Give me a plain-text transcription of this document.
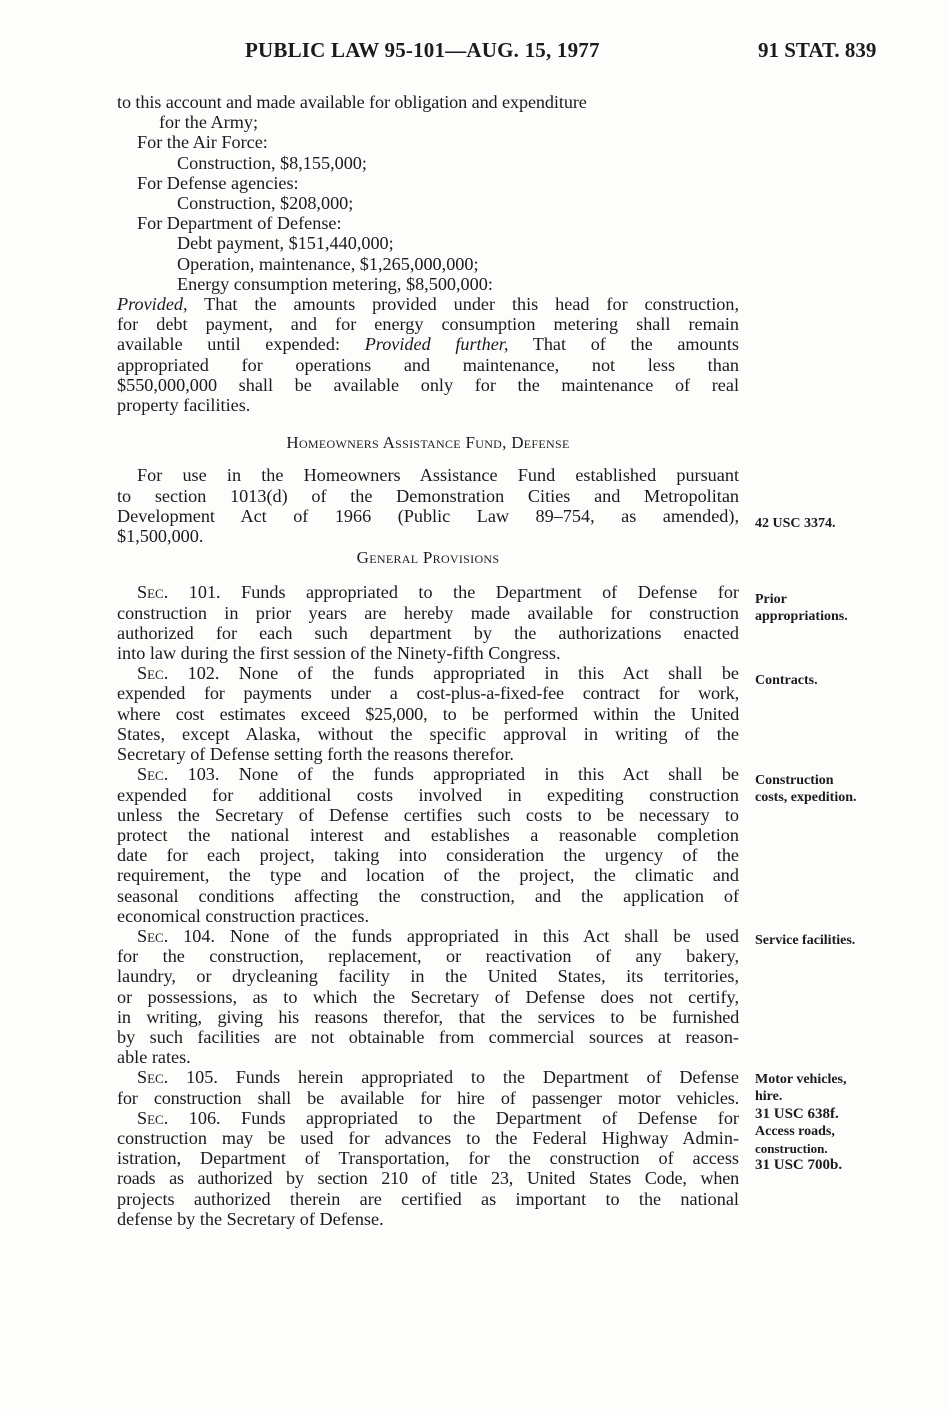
PUBLIC LAW 95-101—AUG. 15, 1977	91 STAT. 839
to this account and made available for obligation and expenditure
for the Army;
For the Air Force:
Construction, $8,155,000;
For Defense agencies:
Construction, $208,000;
For Department of Defense:
Debt payment, $151,440,000;
Operation, maintenance, $1,265,000,000;
Energy consumption metering, $8,500,000:
Provided, That the amounts provided under this head for construction,
for debt payment, and for energy consumption metering shall remain
available until expended: Provided further, That of the amounts
appropriated for operations and maintenance, not less than
$550,000,000 shall be available only for the maintenance of real
property facilities.
Homeowners Assistance Fund, Defense
For use in the Homeowners Assistance Fund established pursuant
to section 1013(d) of the Demonstration Cities and Metropolitan
Development Act of 1966 (Public Law 89–754, as amended),
$1,500,000.
General Provisions
Sec. 101. Funds appropriated to the Department of Defense for
construction in prior years are hereby made available for construction
authorized for each such department by the authorizations enacted
into law during the first session of the Ninety-fifth Congress.
Sec. 102. None of the funds appropriated in this Act shall be
expended for payments under a cost-plus-a-fixed-fee contract for work,
where cost estimates exceed $25,000, to be performed within the United
States, except Alaska, without the specific approval in writing of the
Secretary of Defense setting forth the reasons therefor.
Sec. 103. None of the funds appropriated in this Act shall be
expended for additional costs involved in expediting construction
unless the Secretary of Defense certifies such costs to be necessary to
protect the national interest and establishes a reasonable completion
date for each project, taking into consideration the urgency of the
requirement, the type and location of the project, the climatic and
seasonal conditions affecting the construction, and the application of
economical construction practices.
Sec. 104. None of the funds appropriated in this Act shall be used
for the construction, replacement, or reactivation of any bakery,
laundry, or drycleaning facility in the United States, its territories,
or possessions, as to which the Secretary of Defense does not certify,
in writing, giving his reasons therefor, that the services to be furnished
by such facilities are not obtainable from commercial sources at reason-
able rates.
Sec. 105. Funds herein appropriated to the Department of Defense
for construction shall be available for hire of passenger motor vehicles.
Sec. 106. Funds appropriated to the Department of Defense for
construction may be used for advances to the Federal Highway Admin-
istration, Department of Transportation, for the construction of access
roads as authorized by section 210 of title 23, United States Code, when
projects authorized therein are certified as important to the national
defense by the Secretary of Defense.
42 USC 3374.
Prior
appropriations.
Contracts.
Construction
costs, expedition.
Service facilities.
Motor vehicles,
hire.
31 USC 638f.
Access roads,
construction.
31 USC 700b.
